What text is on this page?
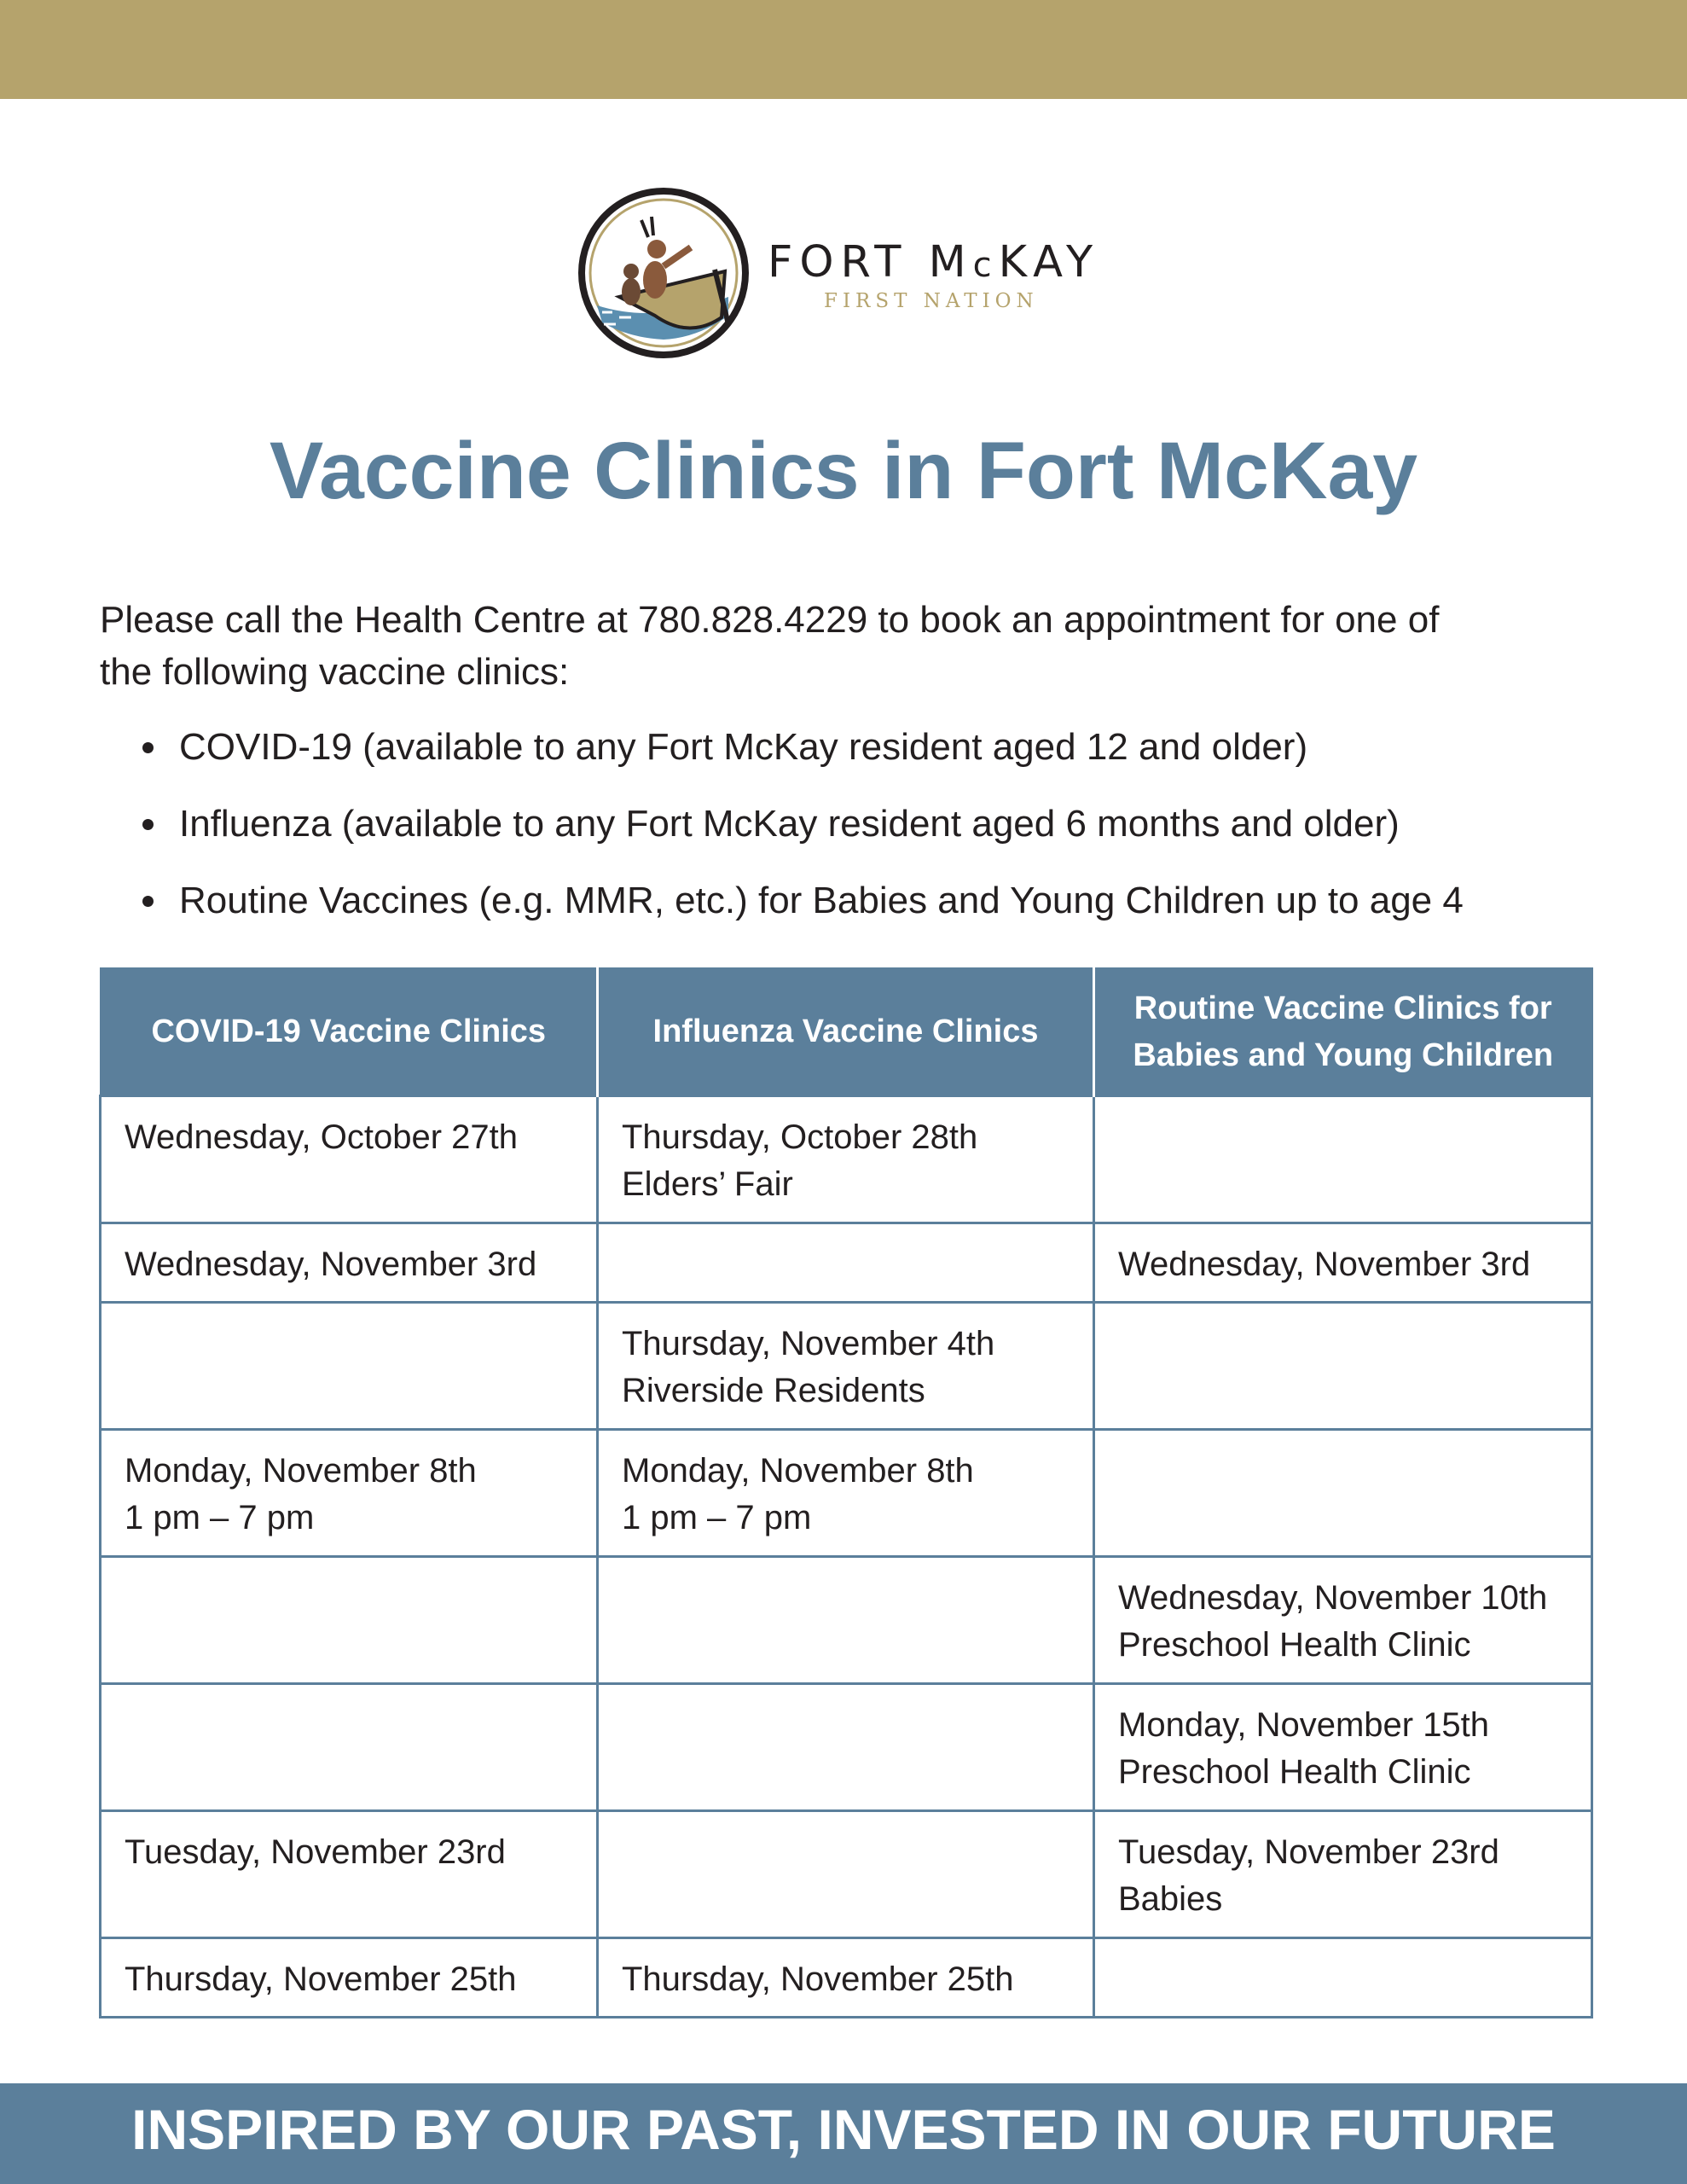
FORT McKAY
FIRST NATION
Vaccine Clinics in Fort McKay
Please call the Health Centre at 780.828.4229 to book an appointment for one of
the following vaccine clinics:
COVID-19 (available to any Fort McKay resident aged 12 and older)
Influenza (available to any Fort McKay resident aged 6 months and older)
Routine Vaccines (e.g. MMR, etc.) for Babies and Young Children up to age 4
COVID-19 Vaccine Clinics	Influenza Vaccine Clinics	Routine Vaccine Clinics for Babies and Young Children

Wednesday, October 27th	Thursday, October 28th
Elders’ Fair	

Wednesday, November 3rd		Wednesday, November 3rd

	Thursday, November 4th
Riverside Residents	

Monday, November 8th
1 pm – 7 pm	Monday, November 8th
1 pm – 7 pm	

		Wednesday, November 10th
Preschool Health Clinic

		Monday, November 15th
Preschool Health Clinic

Tuesday, November 23rd		Tuesday, November 23rd
Babies

Thursday, November 25th	Thursday, November 25th	

INSPIRED BY OUR PAST, INVESTED IN OUR FUTURE
